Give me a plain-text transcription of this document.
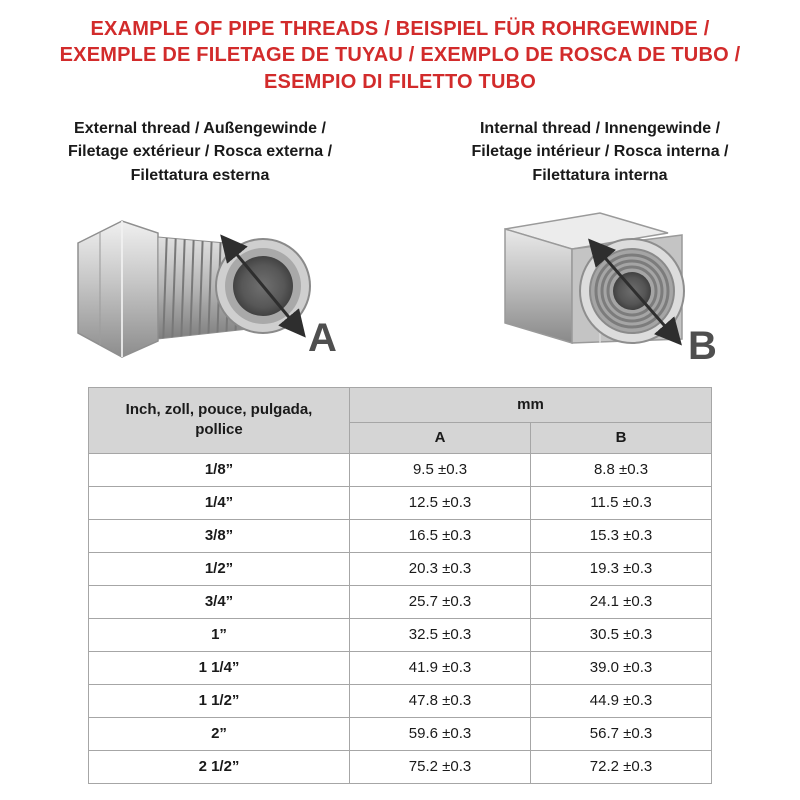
EXAMPLE OF PIPE THREADS / BEISPIEL FÜR ROHRGEWINDE /
EXEMPLE DE FILETAGE DE TUYAU / EXEMPLO DE ROSCA DE TUBO /
ESEMPIO DI FILETTO TUBO
External thread / Außengewinde /
Filetage extérieur / Rosca externa /
Filettatura esterna
A
Internal thread / Innengewinde /
Filetage intérieur / Rosca interna /
Filettatura interna
B
Inch, zoll, pouce, pulgada, pollice	mm	
	A	B
1/8”	9.5 ±0.3	8.8 ±0.3
1/4”	12.5 ±0.3	11.5 ±0.3
3/8”	16.5 ±0.3	15.3 ±0.3
1/2”	20.3 ±0.3	19.3 ±0.3
3/4”	25.7 ±0.3	24.1 ±0.3
1”	32.5 ±0.3	30.5 ±0.3
1 1/4”	41.9 ±0.3	39.0 ±0.3
1 1/2”	47.8 ±0.3	44.9 ±0.3
2”	59.6 ±0.3	56.7 ±0.3
2 1/2”	75.2 ±0.3	72.2 ±0.3
